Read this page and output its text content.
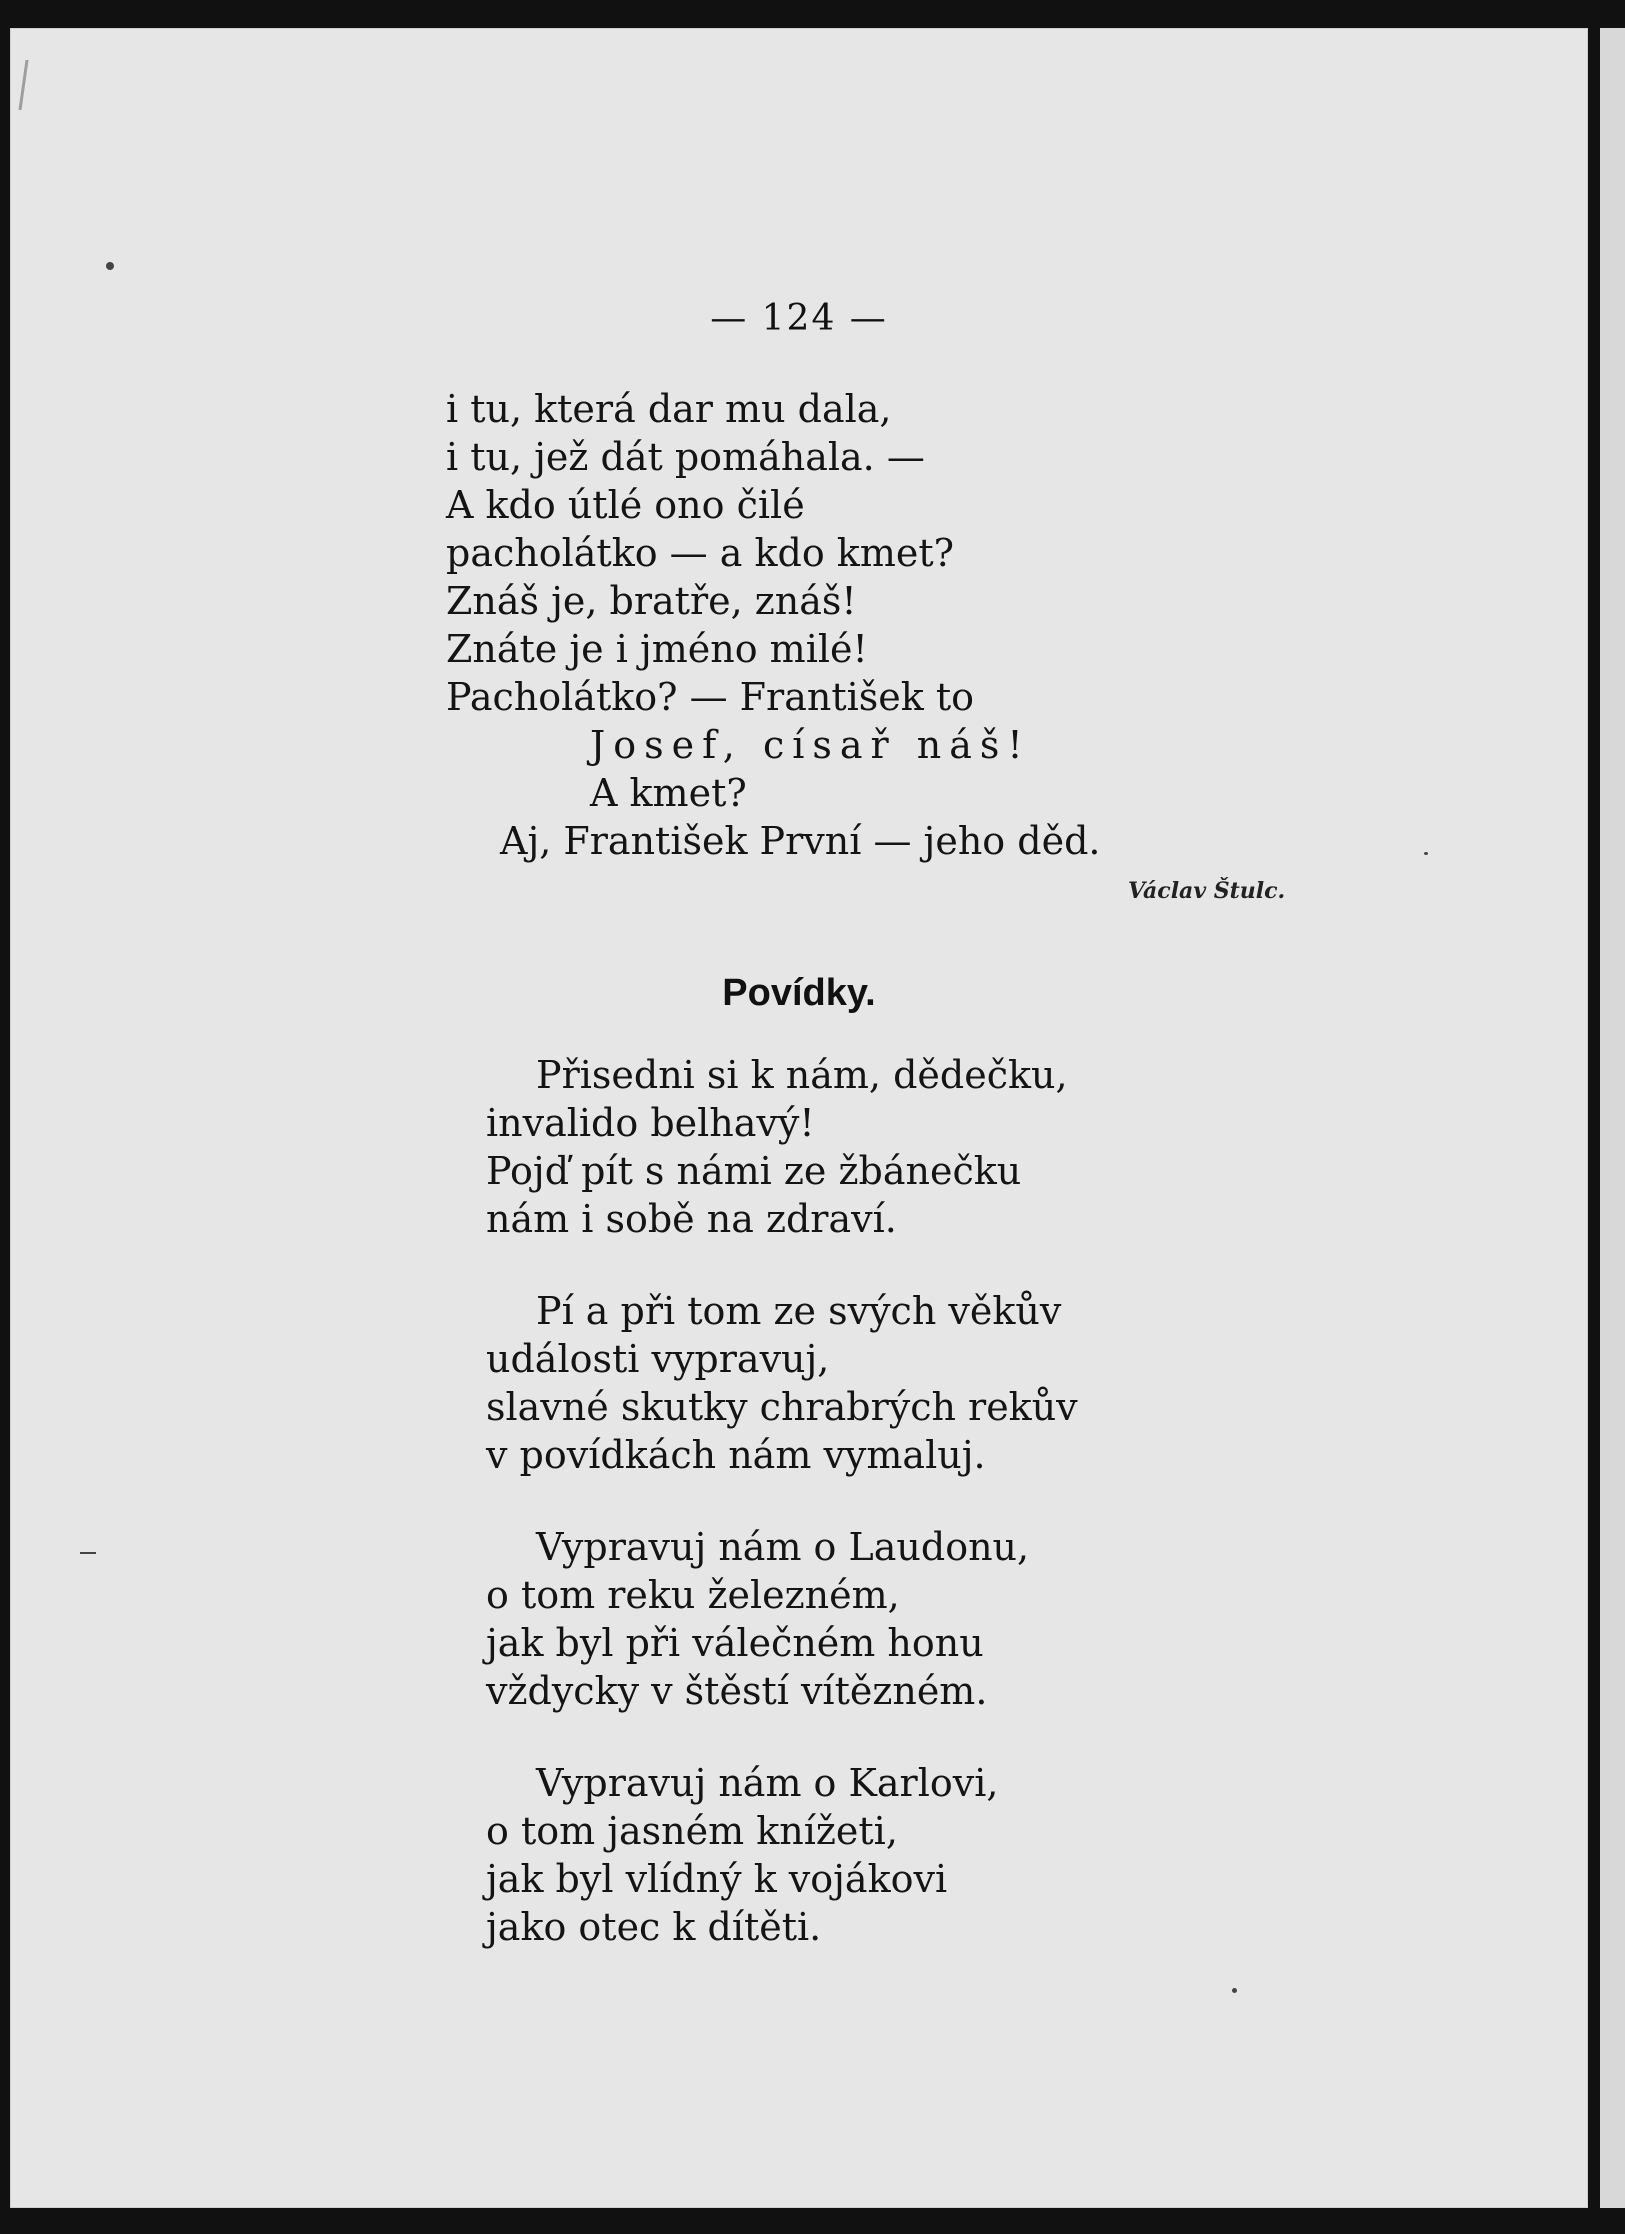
— 124 —
i tu, která dar mu dala,
i tu, jež dát pomáhala. —
A kdo útlé ono čilé
pacholátko — a kdo kmet?
Znáš je, bratře, znáš!
Znáte je i jméno milé!
Pacholátko? — František to
Josef, císař náš!
A kmet?
Aj, František První — jeho děd.
Václav Štulc.
Povídky.
Přisedni si k nám, dědečku,
invalido belhavý!
Pojď pít s námi ze žbánečku
nám i sobě na zdraví.
Pí a při tom ze svých věkův
události vypravuj,
slavné skutky chrabrých rekův
v povídkách nám vymaluj.
Vypravuj nám o Laudonu,
o tom reku železném,
jak byl při válečném honu
vždycky v štěstí vítězném.
Vypravuj nám o Karlovi,
o tom jasném knížeti,
jak byl vlídný k vojákovi
jako otec k dítěti.
